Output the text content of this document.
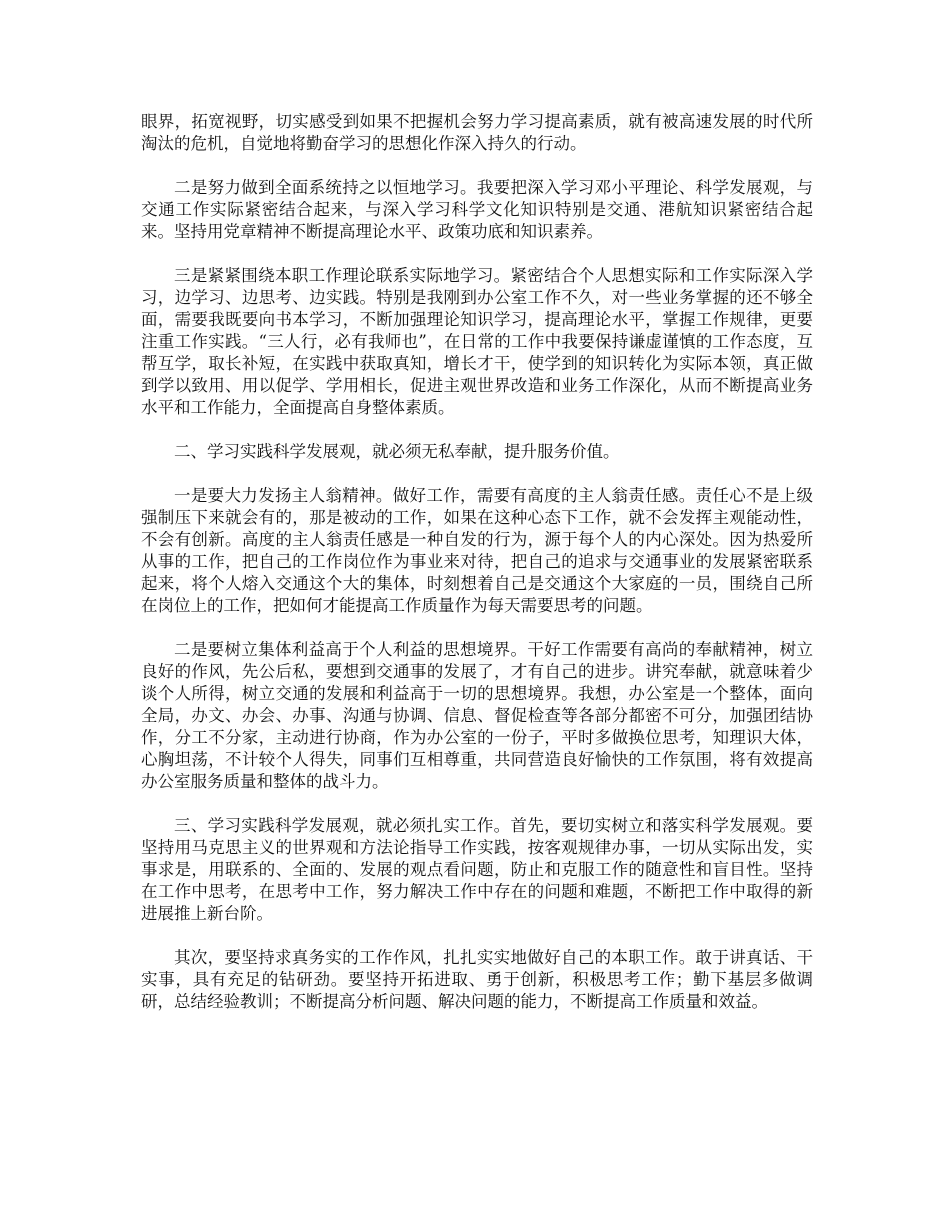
眼界，拓宽视野，切实感受到如果不把握机会努力学习提高素质，就有被高速发展的时代所淘汰的危机，自觉地将勤奋学习的思想化作深入持久的行动。

二是努力做到全面系统持之以恒地学习。我要把深入学习邓小平理论、科学发展观，与交通工作实际紧密结合起来，与深入学习科学文化知识特别是交通、港航知识紧密结合起来。坚持用党章精神不断提高理论水平、政策功底和知识素养。

三是紧紧围绕本职工作理论联系实际地学习。紧密结合个人思想实际和工作实际深入学习，边学习、边思考、边实践。特别是我刚到办公室工作不久，对一些业务掌握的还不够全面，需要我既要向书本学习，不断加强理论知识学习，提高理论水平，掌握工作规律，更要注重工作实践。“三人行，必有我师也”，在日常的工作中我要保持谦虚谨慎的工作态度，互帮互学，取长补短，在实践中获取真知，增长才干，使学到的知识转化为实际本领，真正做到学以致用、用以促学、学用相长，促进主观世界改造和业务工作深化，从而不断提高业务水平和工作能力，全面提高自身整体素质。

二、学习实践科学发展观，就必须无私奉献，提升服务价值。

一是要大力发扬主人翁精神。做好工作，需要有高度的主人翁责任感。责任心不是上级强制压下来就会有的，那是被动的工作，如果在这种心态下工作，就不会发挥主观能动性，不会有创新。高度的主人翁责任感是一种自发的行为，源于每个人的内心深处。因为热爱所从事的工作，把自己的工作岗位作为事业来对待，把自己的追求与交通事业的发展紧密联系起来，将个人熔入交通这个大的集体，时刻想着自己是交通这个大家庭的一员，围绕自己所在岗位上的工作，把如何才能提高工作质量作为每天需要思考的问题。

二是要树立集体利益高于个人利益的思想境界。干好工作需要有高尚的奉献精神，树立良好的作风，先公后私，要想到交通事的发展了，才有自己的进步。讲究奉献，就意味着少谈个人所得，树立交通的发展和利益高于一切的思想境界。我想，办公室是一个整体，面向全局，办文、办会、办事、沟通与协调、信息、督促检查等各部分都密不可分，加强团结协作，分工不分家，主动进行协商，作为办公室的一份子，平时多做换位思考，知理识大体，心胸坦荡，不计较个人得失，同事们互相尊重，共同营造良好愉快的工作氛围，将有效提高办公室服务质量和整体的战斗力。

三、学习实践科学发展观，就必须扎实工作。首先，要切实树立和落实科学发展观。要坚持用马克思主义的世界观和方法论指导工作实践，按客观规律办事，一切从实际出发，实事求是，用联系的、全面的、发展的观点看问题，防止和克服工作的随意性和盲目性。坚持在工作中思考，在思考中工作，努力解决工作中存在的问题和难题，不断把工作中取得的新进展推上新台阶。

其次，要坚持求真务实的工作作风，扎扎实实地做好自己的本职工作。敢于讲真话、干实事，具有充足的钻研劲。要坚持开拓进取、勇于创新，积极思考工作；勤下基层多做调研，总结经验教训；不断提高分析问题、解决问题的能力，不断提高工作质量和效益。
